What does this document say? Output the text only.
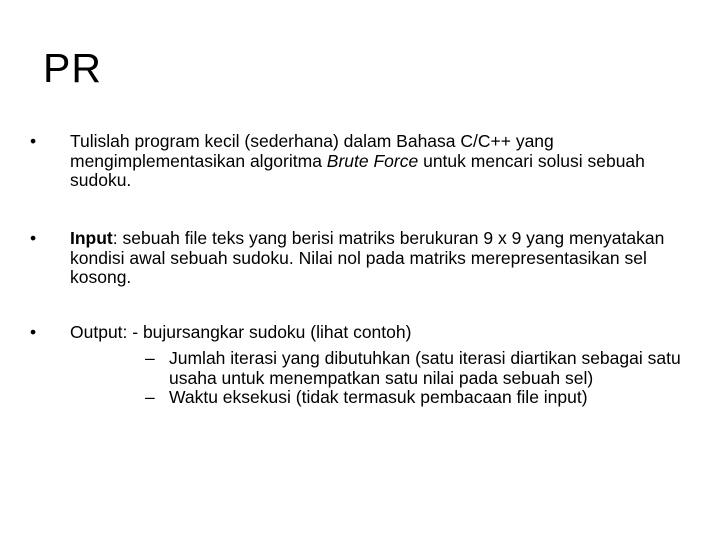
PR
•	Tulislah program kecil (sederhana) dalam Bahasa C/C++ yang mengimplementasikan algoritma Brute Force untuk mencari solusi sebuah sudoku.
•	Input: sebuah file teks yang berisi matriks berukuran 9 x 9 yang menyatakan kondisi awal sebuah sudoku. Nilai nol pada matriks merepresentasikan sel kosong.
•	Output: - bujursangkar sudoku (lihat contoh)
– Jumlah iterasi yang dibutuhkan (satu iterasi diartikan sebagai satu usaha untuk menempatkan satu nilai pada sebuah sel)
– Waktu eksekusi (tidak termasuk pembacaan file input)
